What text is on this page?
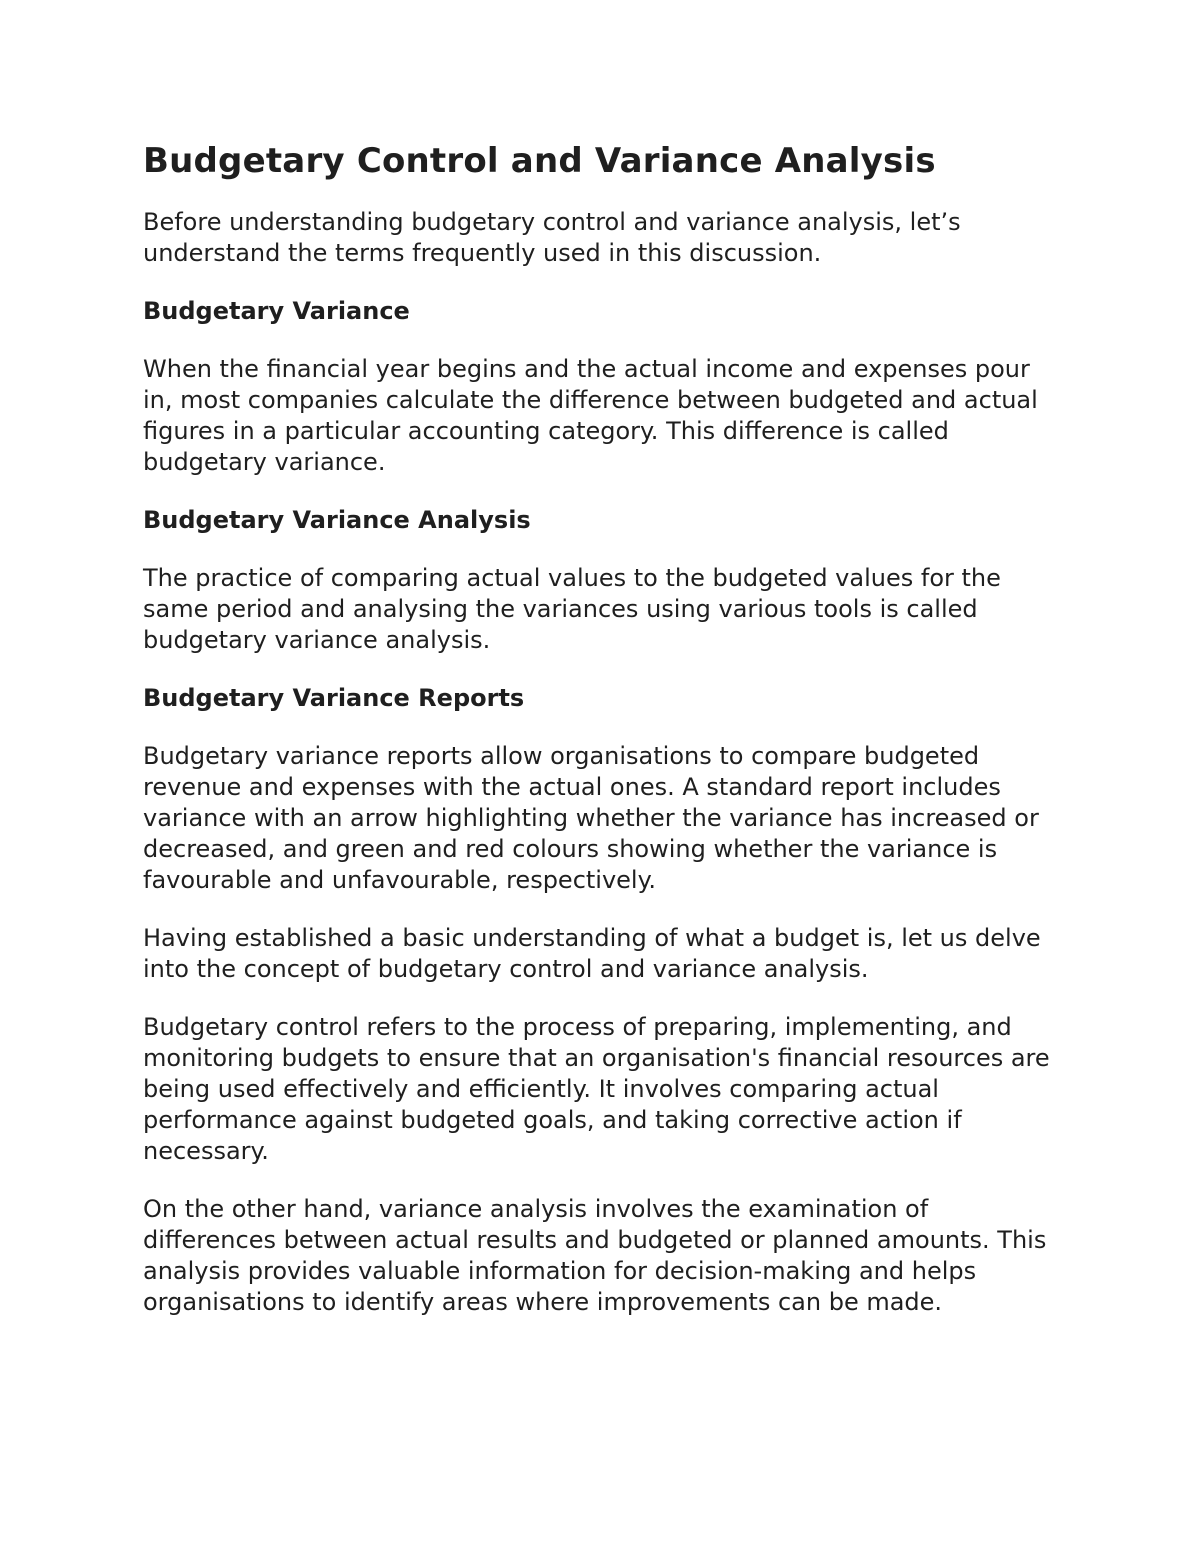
Budgetary Control and Variance Analysis

Before understanding budgetary control and variance analysis, let’s understand the terms frequently used in this discussion.

Budgetary Variance

When the financial year begins and the actual income and expenses pour in, most companies calculate the difference between budgeted and actual figures in a particular accounting category. This difference is called budgetary variance.

Budgetary Variance Analysis

The practice of comparing actual values to the budgeted values for the same period and analysing the variances using various tools is called budgetary variance analysis.

Budgetary Variance Reports

Budgetary variance reports allow organisations to compare budgeted revenue and expenses with the actual ones. A standard report includes variance with an arrow highlighting whether the variance has increased or decreased, and green and red colours showing whether the variance is favourable and unfavourable, respectively.

Having established a basic understanding of what a budget is, let us delve into the concept of budgetary control and variance analysis.

Budgetary control refers to the process of preparing, implementing, and monitoring budgets to ensure that an organisation's financial resources are being used effectively and efficiently. It involves comparing actual performance against budgeted goals, and taking corrective action if necessary.

On the other hand, variance analysis involves the examination of differences between actual results and budgeted or planned amounts. This analysis provides valuable information for decision-making and helps organisations to identify areas where improvements can be made.
